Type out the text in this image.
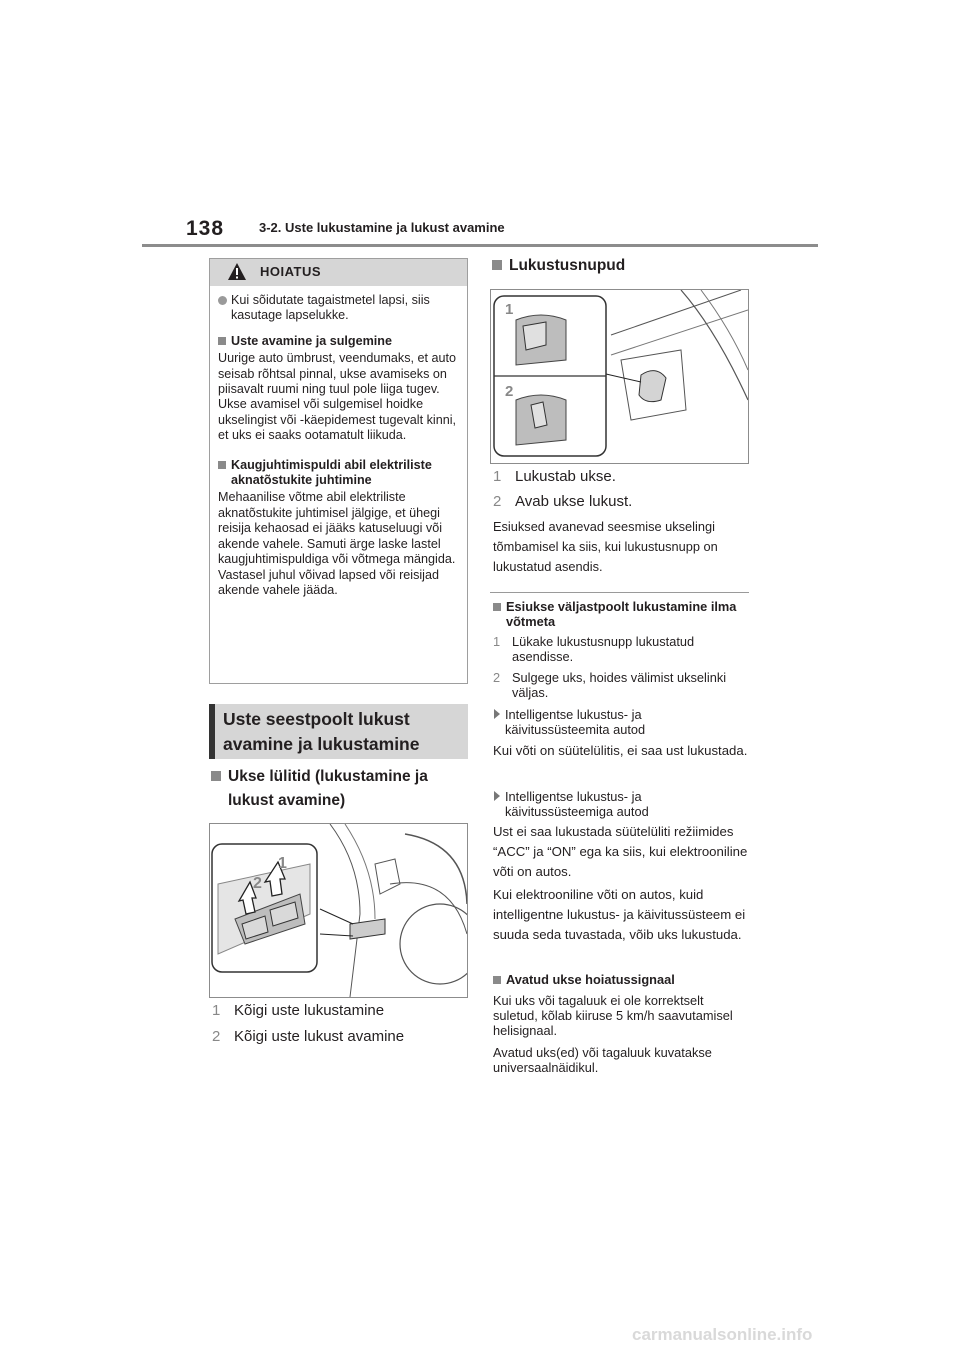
138	3-2. Uste lukustamine ja lukust avamine
HOIATUS

Kui sõidutate tagaistmetel lapsi, siis kasutage lapselukke.

Uste avamine ja sulgemine

Uurige auto ümbrust, veendumaks, et auto seisab rõhtsal pinnal, ukse avamiseks on piisavalt ruumi ning tuul pole liiga tugev. Ukse avamisel või sulgemisel hoidke ukselingist või -käepidemest tugevalt kinni, et uks ei saaks ootamatult liikuda.

Kaugjuhtimispuldi abil elektriliste aknatõstukite juhtimine

Mehaanilise võtme abil elektriliste aknatõstukite juhtimisel jälgige, et ühegi reisija kehaosad ei jääks katuseluugi või akende vahele. Samuti ärge laske lastel kaugjuhtimispuldiga või võtmega mängida. Vastasel juhul võivad lapsed või reisijad akende vahele jääda.

Uste seestpoolt lukust avamine ja lukustamine
Ukse lülitid (lukustamine ja lukust avamine)
1
2
1 Kõigi uste lukustamine
2 Kõigi uste lukust avamine
Lukustusnupud
1
2
1 Lukustab ukse.
2 Avab ukse lukust.
Esiuksed avanevad seesmise ukselingi tõmbamisel ka siis, kui lukustusnupp on lukustatud asendis.
Esiukse väljastpoolt lukustamine ilma võtmeta
1 Lükake lukustusnupp lukustatud asendisse.
2 Sulgege uks, hoides välimist ukselinki väljas.
Intelligentse lukustus- ja käivitussüsteemita autod
Kui võti on süütelülitis, ei saa ust lukustada.
Intelligentse lukustus- ja käivitussüsteemiga autod
Ust ei saa lukustada süütelüliti režiimides “ACC” ja “ON” ega ka siis, kui elektrooniline võti on autos.
Kui elektrooniline võti on autos, kuid intelligentne lukustus- ja käivitussüsteem ei suuda seda tuvastada, võib uks lukustuda.
Avatud ukse hoiatussignaal
Kui uks või tagaluuk ei ole korrektselt suletud, kõlab kiiruse 5 km/h saavutamisel helisignaal.
Avatud uks(ed) või tagaluuk kuvatakse universaalnäidikul.
carmanualsonline.info
